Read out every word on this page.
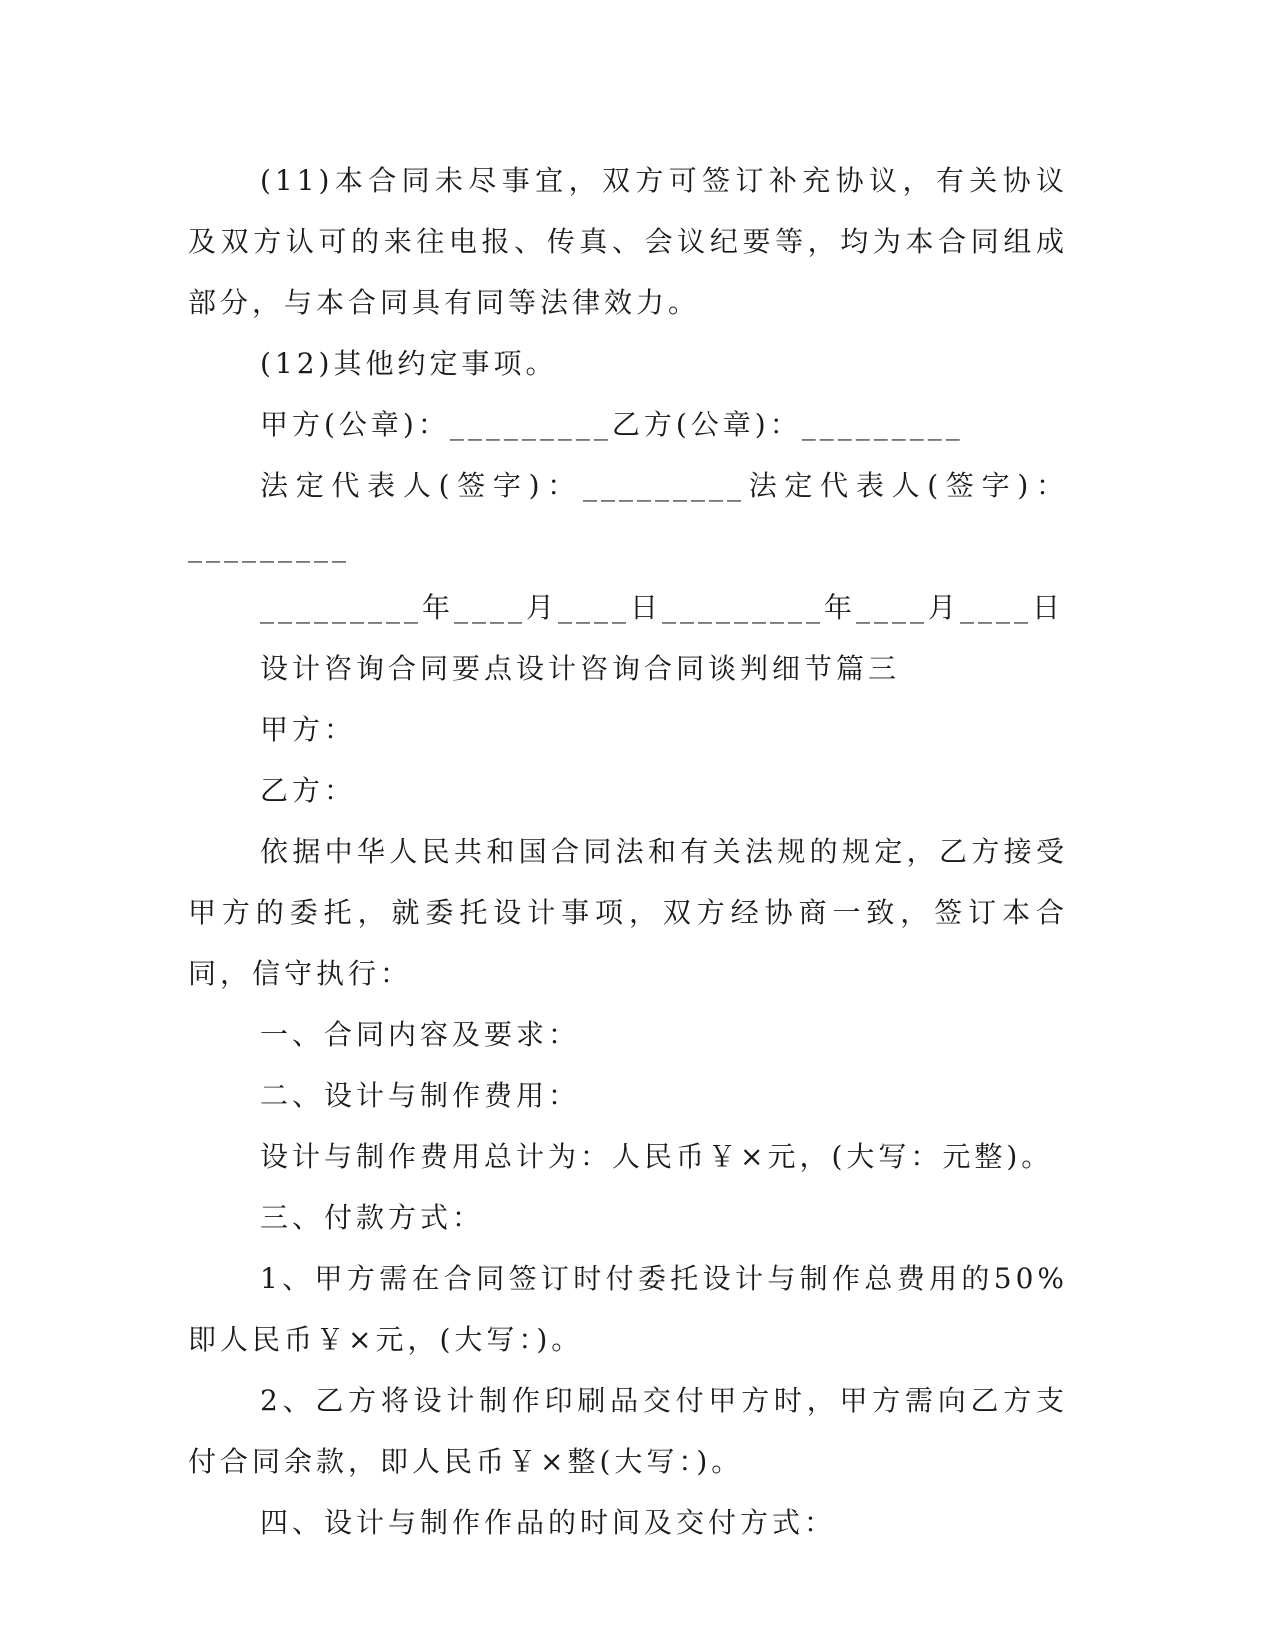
(11)本合同未尽事宜，双方可签订补充协议，有关协议及双方认可的来往电报、传真、会议纪要等，均为本合同组成部分，与本合同具有同等法律效力。

(12)其他约定事项。

甲方(公章)：_________乙方(公章)：_________

法定代表人(签字)：_________法定代表人(签字)：_________

_________年____月____日_________年____月____日

设计咨询合同要点设计咨询合同谈判细节篇三

甲方：

乙方：

依据中华人民共和国合同法和有关法规的规定，乙方接受甲方的委托，就委托设计事项，双方经协商一致，签订本合同，信守执行：

一、合同内容及要求：

二、设计与制作费用：

设计与制作费用总计为：人民币￥×元，(大写：元整)。

三、付款方式：

1、甲方需在合同签订时付委托设计与制作总费用的50%即人民币￥×元，(大写：)。

2、乙方将设计制作印刷品交付甲方时，甲方需向乙方支付合同余款，即人民币￥×整(大写：)。

四、设计与制作作品的时间及交付方式：
